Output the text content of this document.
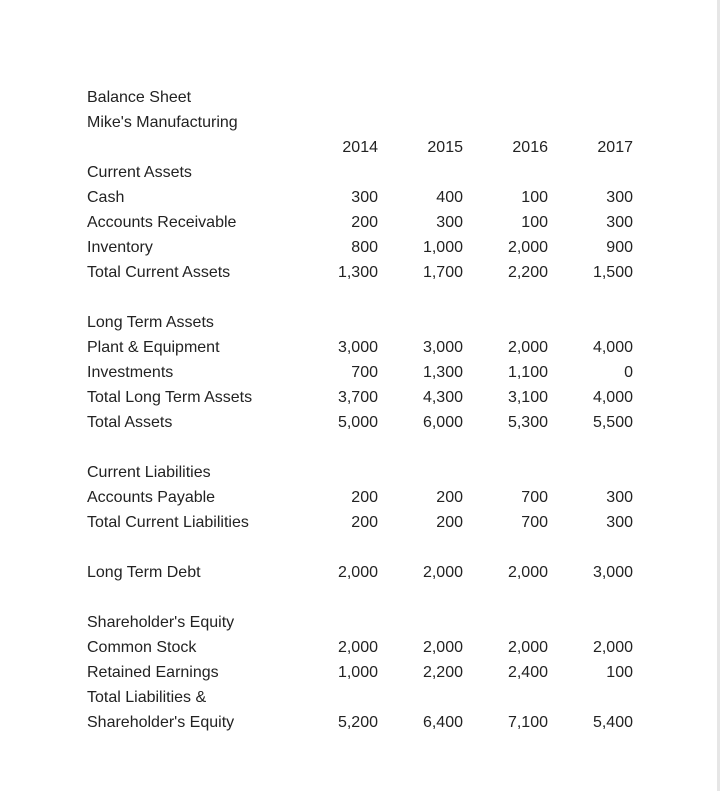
Balance Sheet
Mike's Manufacturing
2014	2015	2016	2017
Current Assets
Cash	300	400	100	300
Accounts Receivable	200	300	100	300
Inventory	800	1,000	2,000	900
Total Current Assets	1,300	1,700	2,200	1,500
Long Term Assets
Plant & Equipment	3,000	3,000	2,000	4,000
Investments	700	1,300	1,100	0
Total Long Term Assets	3,700	4,300	3,100	4,000
Total Assets	5,000	6,000	5,300	5,500
Current Liabilities
Accounts Payable	200	200	700	300
Total Current Liabilities	200	200	700	300
Long Term Debt	2,000	2,000	2,000	3,000
Shareholder's Equity
Common Stock	2,000	2,000	2,000	2,000
Retained Earnings	1,000	2,200	2,400	100
Total Liabilities &
Shareholder's Equity	5,200	6,400	7,100	5,400
